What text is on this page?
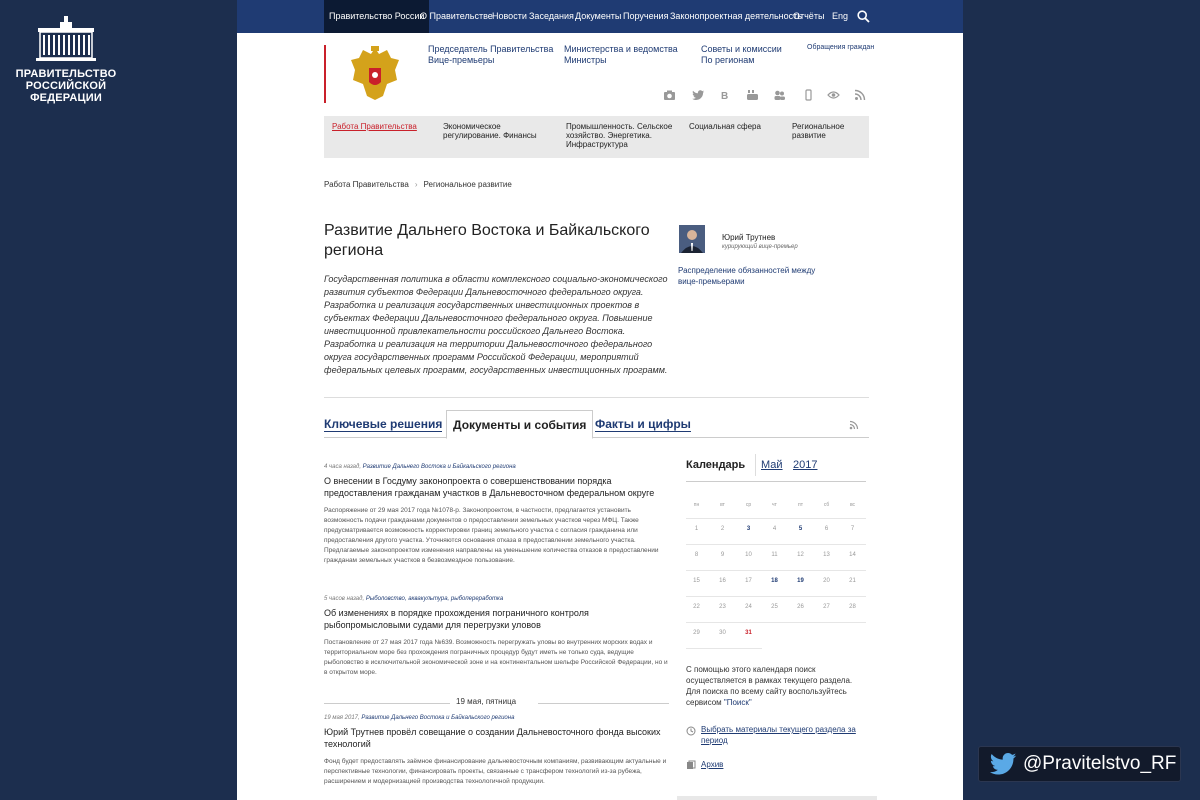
ПРАВИТЕЛЬСТВО
РОССИЙСКОЙ
ФЕДЕРАЦИИ
@Pravitelstvo_RF
Правительство России
О Правительстве Новости Заседания Документы Поручения Законопроектная деятельность
Отчёты Eng
Председатель Правительства
Вице-премьеры
Министерства и ведомства
Министры
Советы и комиссии
По регионам
Обращения граждан
В
Работа Правительства	Экономическое регулирование. Финансы
Промышленность. Сельское хозяйство. Энергетика. Инфраструктура
Социальная сфера	Региональное развитие
Работа Правительства › Региональное развитие
Развитие Дальнего Востока и Байкальского региона
Государственная политика в области комплексного социально-экономического развития субъектов Федерации Дальневосточного федерального округа. Разработка и реализация государственных инвестиционных проектов в субъектах Федерации Дальневосточного федерального округа. Повышение инвестиционной привлекательности российского Дальнего Востока. Разработка и реализация на территории Дальневосточного федерального округа государственных программ Российской Федерации, мероприятий федеральных целевых программ, государственных инвестиционных программ.
Юрий Трутнев
курирующий вице-премьер
Распределение обязанностей между вице-премьерами
Ключевые решения Документы и события Факты и цифры
4 часа назад, Развитие Дальнего Востока и Байкальского региона
О внесении в Госдуму законопроекта о совершенствовании порядка предоставления гражданам участков в Дальневосточном федеральном округе
Распоряжение от 29 мая 2017 года №1078-р. Законопроектом, в частности, предлагается установить возможность подачи гражданами документов о предоставлении земельных участков через МФЦ. Также предусматривается возможность корректировки границ земельного участка с согласия гражданина или предоставления другого участка. Уточняются основания отказа в предоставлении земельного участка. Предлагаемые законопроектом изменения направлены на уменьшение количества отказов в предоставлении гражданам земельных участков в безвозмездное пользование.
5 часов назад, Рыболовство, аквакультура, рыбопереработка
Об изменениях в порядке прохождения пограничного контроля рыбопромысловыми судами для перегрузки уловов
Постановление от 27 мая 2017 года №639. Возможность перегружать уловы во внутренних морских водах и территориальном море без прохождения пограничных процедур будут иметь не только суда, ведущие рыболовство в исключительной экономической зоне и на континентальном шельфе Российской Федерации, но и в открытом море.
19 мая, пятница
19 мая 2017, Развитие Дальнего Востока и Байкальского региона
Юрий Трутнев провёл совещание о создании Дальневосточного фонда высоких технологий
Фонд будет предоставлять заёмное финансирование дальневосточным компаниям, развивающим актуальные и перспективные технологии, финансировать проекты, связанные с трансфером технологий из-за рубежа, расширением и модернизацией производства технологичной продукции.
Календарь Май 2017
пн	вт	ср	чт	пт	сб	вс
1	2	3	4	5	6	7
8	9	10	11	12	13	14
15	16	17	18	19	20	21
22	23	24	25	26	27	28
29	30	31
С помощью этого календаря поиск осуществляется в рамках текущего раздела. Для поиска по всему сайту воспользуйтесь сервисом "Поиск"
Выбрать материалы текущего раздела за период
Архив
